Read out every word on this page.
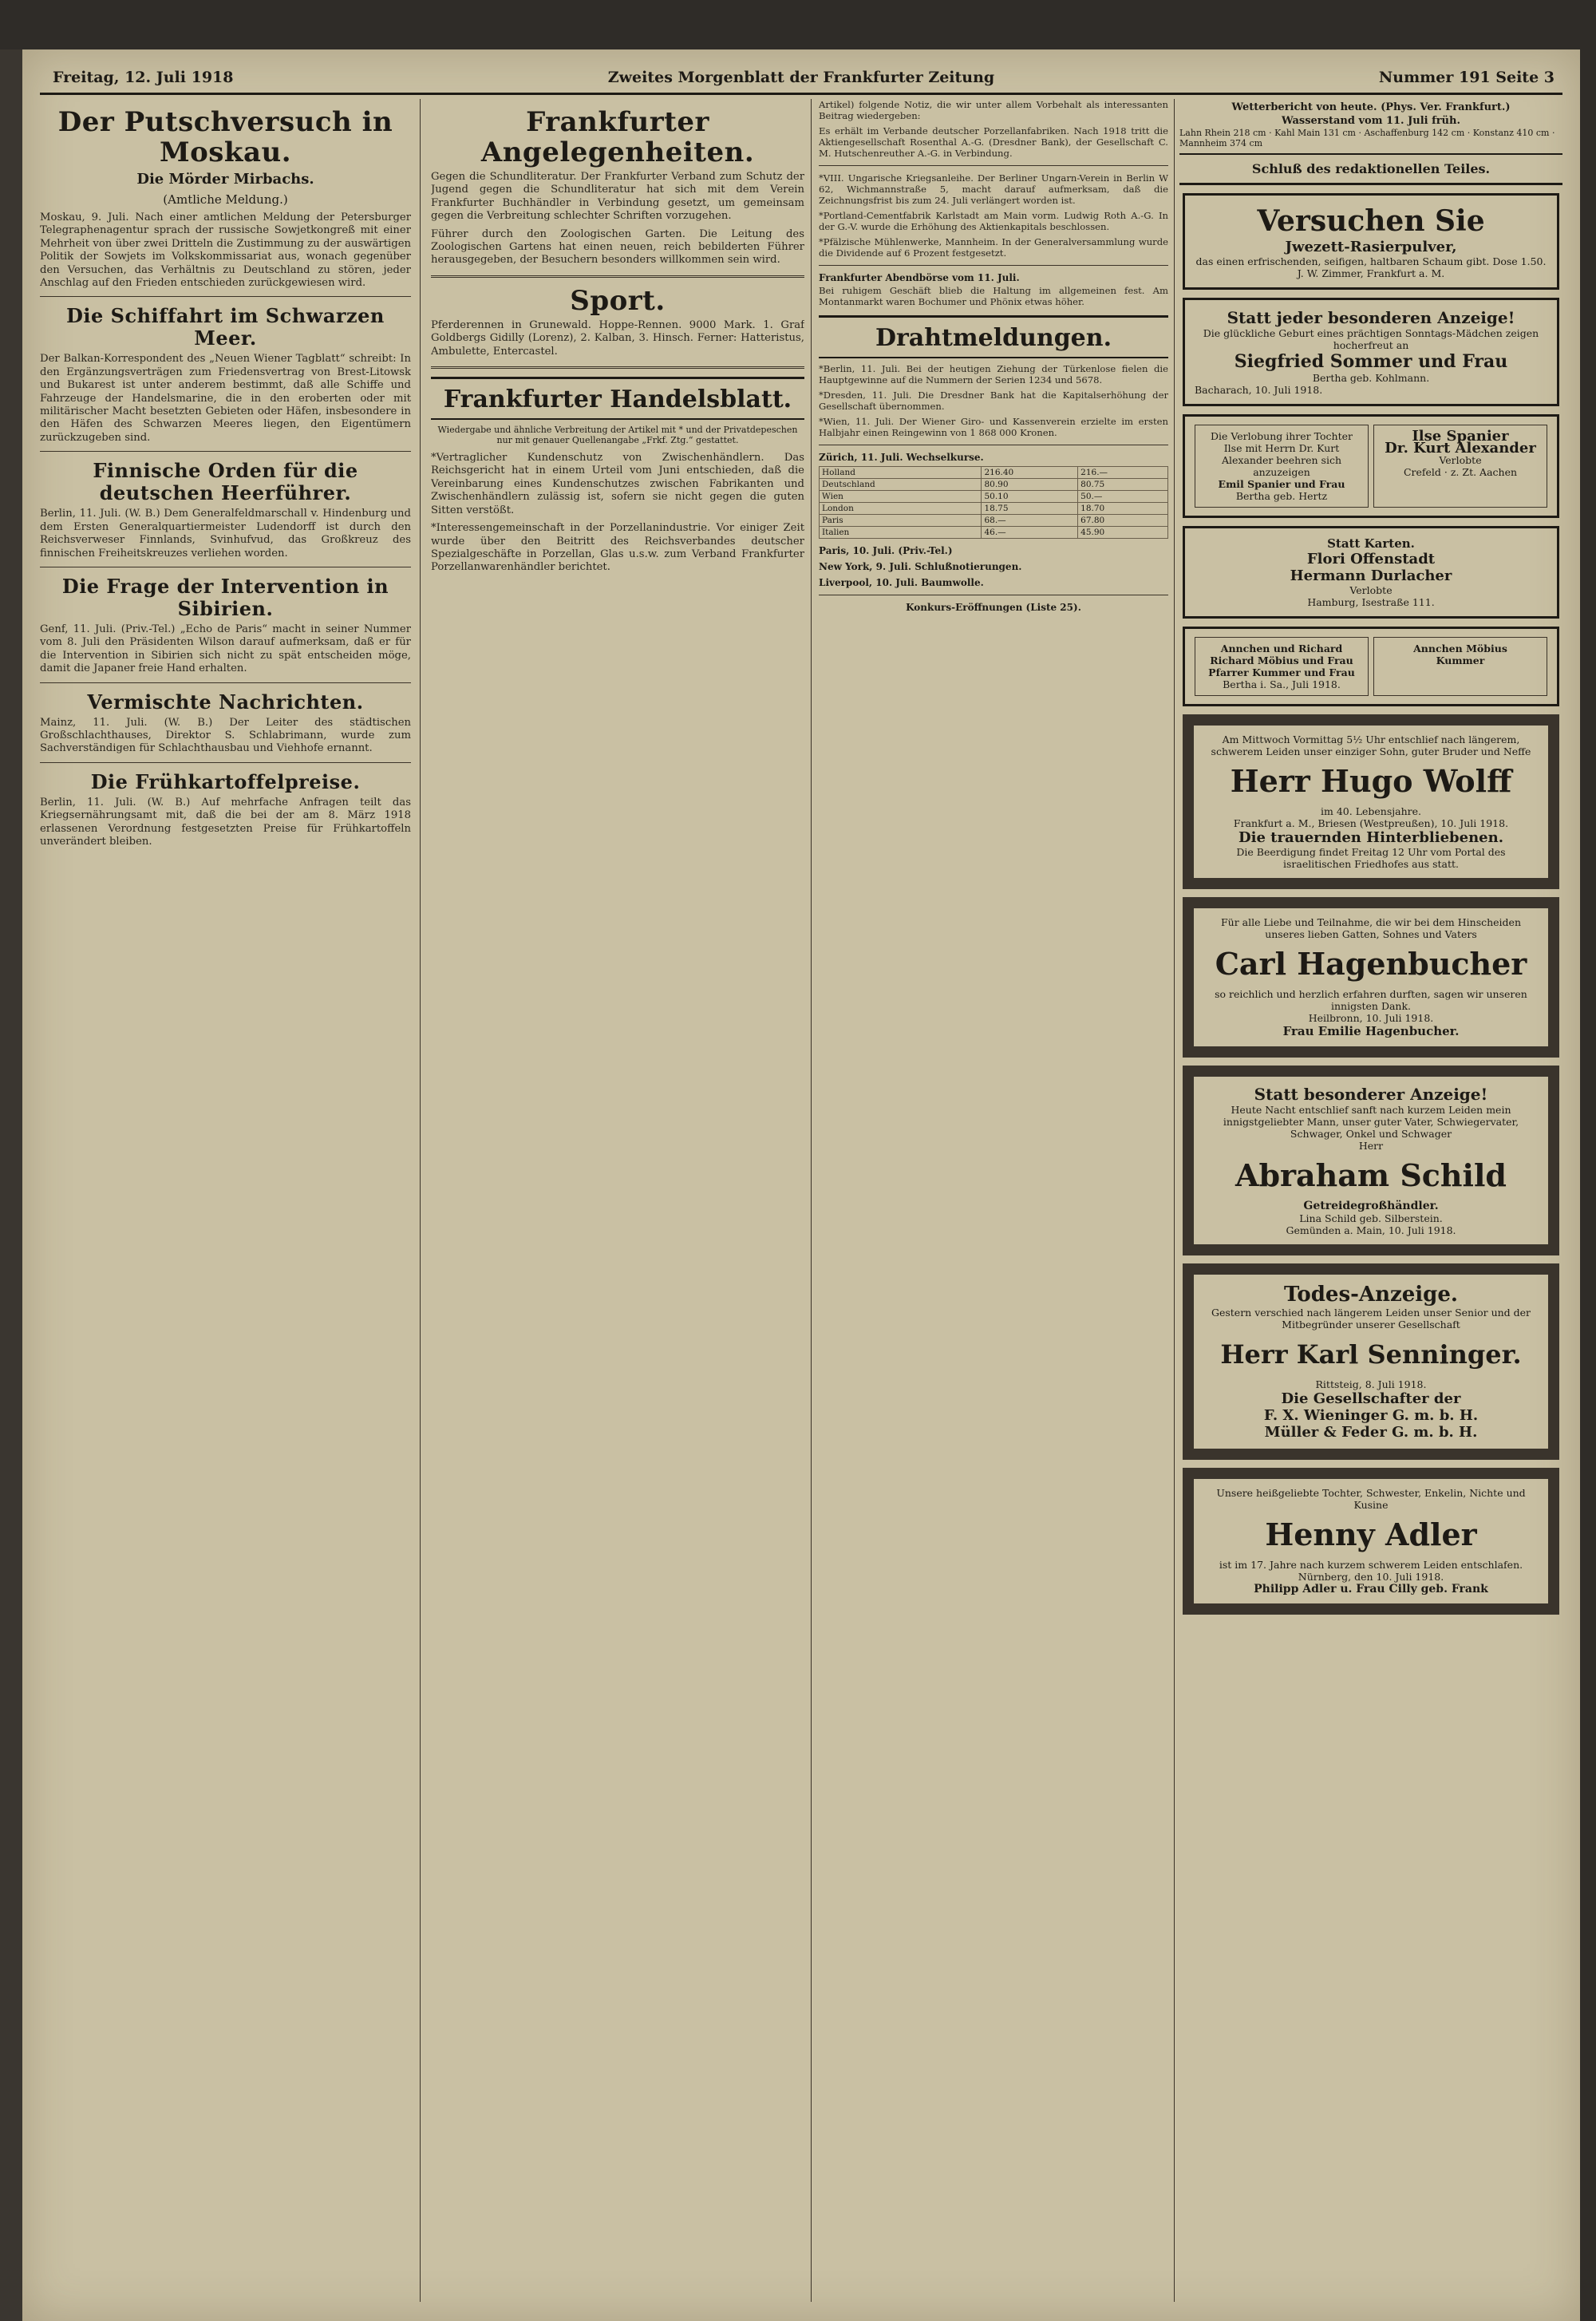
Freitag, 12. Juli 1918	Zweites Morgenblatt der Frankfurter Zeitung	Nummer 191 Seite 3
Der Putschversuch in Moskau.
Die Mörder Mirbachs.
(Amtliche Meldung.)

Moskau, 9. Juli. Nach einer amtlichen Meldung der Petersburger Telegraphenagentur sprach der russische Sowjetkongreß mit einer Mehrheit von über zwei Dritteln die Zustimmung zu der auswärtigen Politik der Sowjets im Volkskommissariat aus, wonach gegenüber den Versuchen, das Verhältnis zu Deutschland zu stören, jeder Anschlag auf den Frieden entschieden zurückgewiesen wird.

Die Schiffahrt im Schwarzen Meer.

Der Balkan-Korrespondent des „Neuen Wiener Tagblatt“ schreibt: In den Ergänzungsverträgen zum Friedensvertrag von Brest-Litowsk und Bukarest ist unter anderem bestimmt, daß alle Schiffe und Fahrzeuge der Handelsmarine, die in den eroberten oder mit militärischer Macht besetzten Gebieten oder Häfen, insbesondere in den Häfen des Schwarzen Meeres liegen, den Eigentümern zurückzugeben sind.

Finnische Orden für die deutschen Heerführer.

Berlin, 11. Juli. (W. B.) Dem Generalfeldmarschall v. Hindenburg und dem Ersten Generalquartiermeister Ludendorff ist durch den Reichsverweser Finnlands, Svinhufvud, das Großkreuz des finnischen Freiheitskreuzes verliehen worden.

Die Frage der Intervention in Sibirien.

Genf, 11. Juli. (Priv.-Tel.) „Echo de Paris“ macht in seiner Nummer vom 8. Juli den Präsidenten Wilson darauf aufmerksam, daß er für die Intervention in Sibirien sich nicht zu spät entscheiden möge, damit die Japaner freie Hand erhalten.

Vermischte Nachrichten.

Mainz, 11. Juli. (W. B.) Der Leiter des städtischen Großschlachthauses, Direktor S. Schlabrimann, wurde zum Sachverständigen für Schlachthausbau und Viehhofe ernannt.

Die Frühkartoffelpreise.

Berlin, 11. Juli. (W. B.) Auf mehrfache Anfragen teilt das Kriegsernährungsamt mit, daß die bei der am 8. März 1918 erlassenen Verordnung festgesetzten Preise für Frühkartoffeln unverändert bleiben.

Frankfurter Angelegenheiten.

Gegen die Schundliteratur. Der Frankfurter Verband zum Schutz der Jugend gegen die Schundliteratur hat sich mit dem Verein Frankfurter Buchhändler in Verbindung gesetzt, um gemeinsam gegen die Verbreitung schlechter Schriften vorzugehen.

Führer durch den Zoologischen Garten. Die Leitung des Zoologischen Gartens hat einen neuen, reich bebilderten Führer herausgegeben, der Besuchern besonders willkommen sein wird.

Sport.

Pferderennen in Grunewald. Hoppe-Rennen. 9000 Mark. 1. Graf Goldbergs Gidilly (Lorenz), 2. Kalban, 3. Hinsch. Ferner: Hatteristus, Ambulette, Entercastel.

Frankfurter Handelsblatt.
Wiedergabe und ähnliche Verbreitung der Artikel mit * und der Privatdepeschen nur mit genauer Quellenangabe „Frkf. Ztg.“ gestattet.

*Vertraglicher Kundenschutz von Zwischenhändlern. Das Reichsgericht hat in einem Urteil vom Juni entschieden, daß die Vereinbarung eines Kundenschutzes zwischen Fabrikanten und Zwischenhändlern zulässig ist, sofern sie nicht gegen die guten Sitten verstößt.

*Interessengemeinschaft in der Porzellanindustrie. Vor einiger Zeit wurde über den Beitritt des Reichsverbandes deutscher Spezialgeschäfte in Porzellan, Glas u.s.w. zum Verband Frankfurter Porzellanwarenhändler berichtet.

Artikel) folgende Notiz, die wir unter allem Vorbehalt als interessanten Beitrag wiedergeben:

Es erhält im Verbande deutscher Porzellanfabriken. Nach 1918 tritt die Aktiengesellschaft Rosenthal A.-G. (Dresdner Bank), der Gesellschaft C. M. Hutschenreuther A.-G. in Verbindung.

*VIII. Ungarische Kriegsanleihe. Der Berliner Ungarn-Verein in Berlin W 62, Wichmannstraße 5, macht darauf aufmerksam, daß die Zeichnungsfrist bis zum 24. Juli verlängert worden ist.

*Portland-Cementfabrik Karlstadt am Main vorm. Ludwig Roth A.-G. In der G.-V. wurde die Erhöhung des Aktienkapitals beschlossen.

*Pfälzische Mühlenwerke, Mannheim. In der Generalversammlung wurde die Dividende auf 6 Prozent festgesetzt.

Frankfurter Abendbörse vom 11. Juli.

Bei ruhigem Geschäft blieb die Haltung im allgemeinen fest. Am Montanmarkt waren Bochumer und Phönix etwas höher.

Drahtmeldungen.

*Berlin, 11. Juli. Bei der heutigen Ziehung der Türkenlose fielen die Hauptgewinne auf die Nummern der Serien 1234 und 5678.

*Dresden, 11. Juli. Die Dresdner Bank hat die Kapitalserhöhung der Gesellschaft übernommen.

*Wien, 11. Juli. Der Wiener Giro- und Kassenverein erzielte im ersten Halbjahr einen Reingewinn von 1 868 000 Kronen.

Zürich, 11. Juli. Wechselkurse.
Holland	216.40	216.—
Deutschland	80.90	80.75
Wien	50.10	50.—
London	18.75	18.70
Paris	68.—	67.80
Italien	46.—	45.90
Paris, 10. Juli. (Priv.-Tel.)
New York, 9. Juli. Schlußnotierungen.
Liverpool, 10. Juli. Baumwolle.
Konkurs-Eröffnungen (Liste 25).
Wetterbericht von heute. (Phys. Ver. Frankfurt.)
Wasserstand vom 11. Juli früh.
Lahn Rhein 218 cm · Kahl Main 131 cm · Aschaffenburg 142 cm · Konstanz 410 cm · Mannheim 374 cm
Schluß des redaktionellen Teiles.
Versuchen Sie
Jwezett-Rasierpulver,
das einen erfrischenden, seifigen, haltbaren Schaum gibt. Dose 1.50. J. W. Zimmer, Frankfurt a. M.
Statt jeder besonderen Anzeige!
Die glückliche Geburt eines prächtigen Sonntags-Mädchen zeigen hocherfreut an
Siegfried Sommer und Frau
Bertha geb. Kohlmann.
Bacharach, 10. Juli 1918.
Die Verlobung ihrer Tochter Ilse mit Herrn Dr. Kurt Alexander beehren sich anzuzeigen
Emil Spanier und Frau
Bertha geb. Hertz
Ilse Spanier
Dr. Kurt Alexander
Verlobte
Crefeld · z. Zt. Aachen
Statt Karten.
Flori Offenstadt
Hermann Durlacher
Verlobte
Hamburg, Isestraße 111.
Annchen und Richard
Richard Möbius und Frau
Pfarrer Kummer und Frau
Bertha i. Sa., Juli 1918.
Annchen Möbius
Kummer
Am Mittwoch Vormittag 5½ Uhr entschlief nach längerem, schwerem Leiden unser einziger Sohn, guter Bruder und Neffe
Herr Hugo Wolff
im 40. Lebensjahre.
Frankfurt a. M., Briesen (Westpreußen), 10. Juli 1918.
Die trauernden Hinterbliebenen.
Die Beerdigung findet Freitag 12 Uhr vom Portal des israelitischen Friedhofes aus statt.
Für alle Liebe und Teilnahme, die wir bei dem Hinscheiden unseres lieben Gatten, Sohnes und Vaters
Carl Hagenbucher
so reichlich und herzlich erfahren durften, sagen wir unseren innigsten Dank.
Heilbronn, 10. Juli 1918.
Frau Emilie Hagenbucher.
Statt besonderer Anzeige!
Heute Nacht entschlief sanft nach kurzem Leiden mein innigstgeliebter Mann, unser guter Vater, Schwiegervater, Schwager, Onkel und Schwager
Herr
Abraham Schild
Getreidegroßhändler.
Lina Schild geb. Silberstein.
Gemünden a. Main, 10. Juli 1918.
Todes-Anzeige.
Gestern verschied nach längerem Leiden unser Senior und der Mitbegründer unserer Gesellschaft
Herr Karl Senninger.
Rittsteig, 8. Juli 1918.
Die Gesellschafter der
F. X. Wieninger G. m. b. H.
Müller & Feder G. m. b. H.
Unsere heißgeliebte Tochter, Schwester, Enkelin, Nichte und Kusine
Henny Adler
ist im 17. Jahre nach kurzem schwerem Leiden entschlafen.
Nürnberg, den 10. Juli 1918.
Philipp Adler u. Frau Cilly geb. Frank
